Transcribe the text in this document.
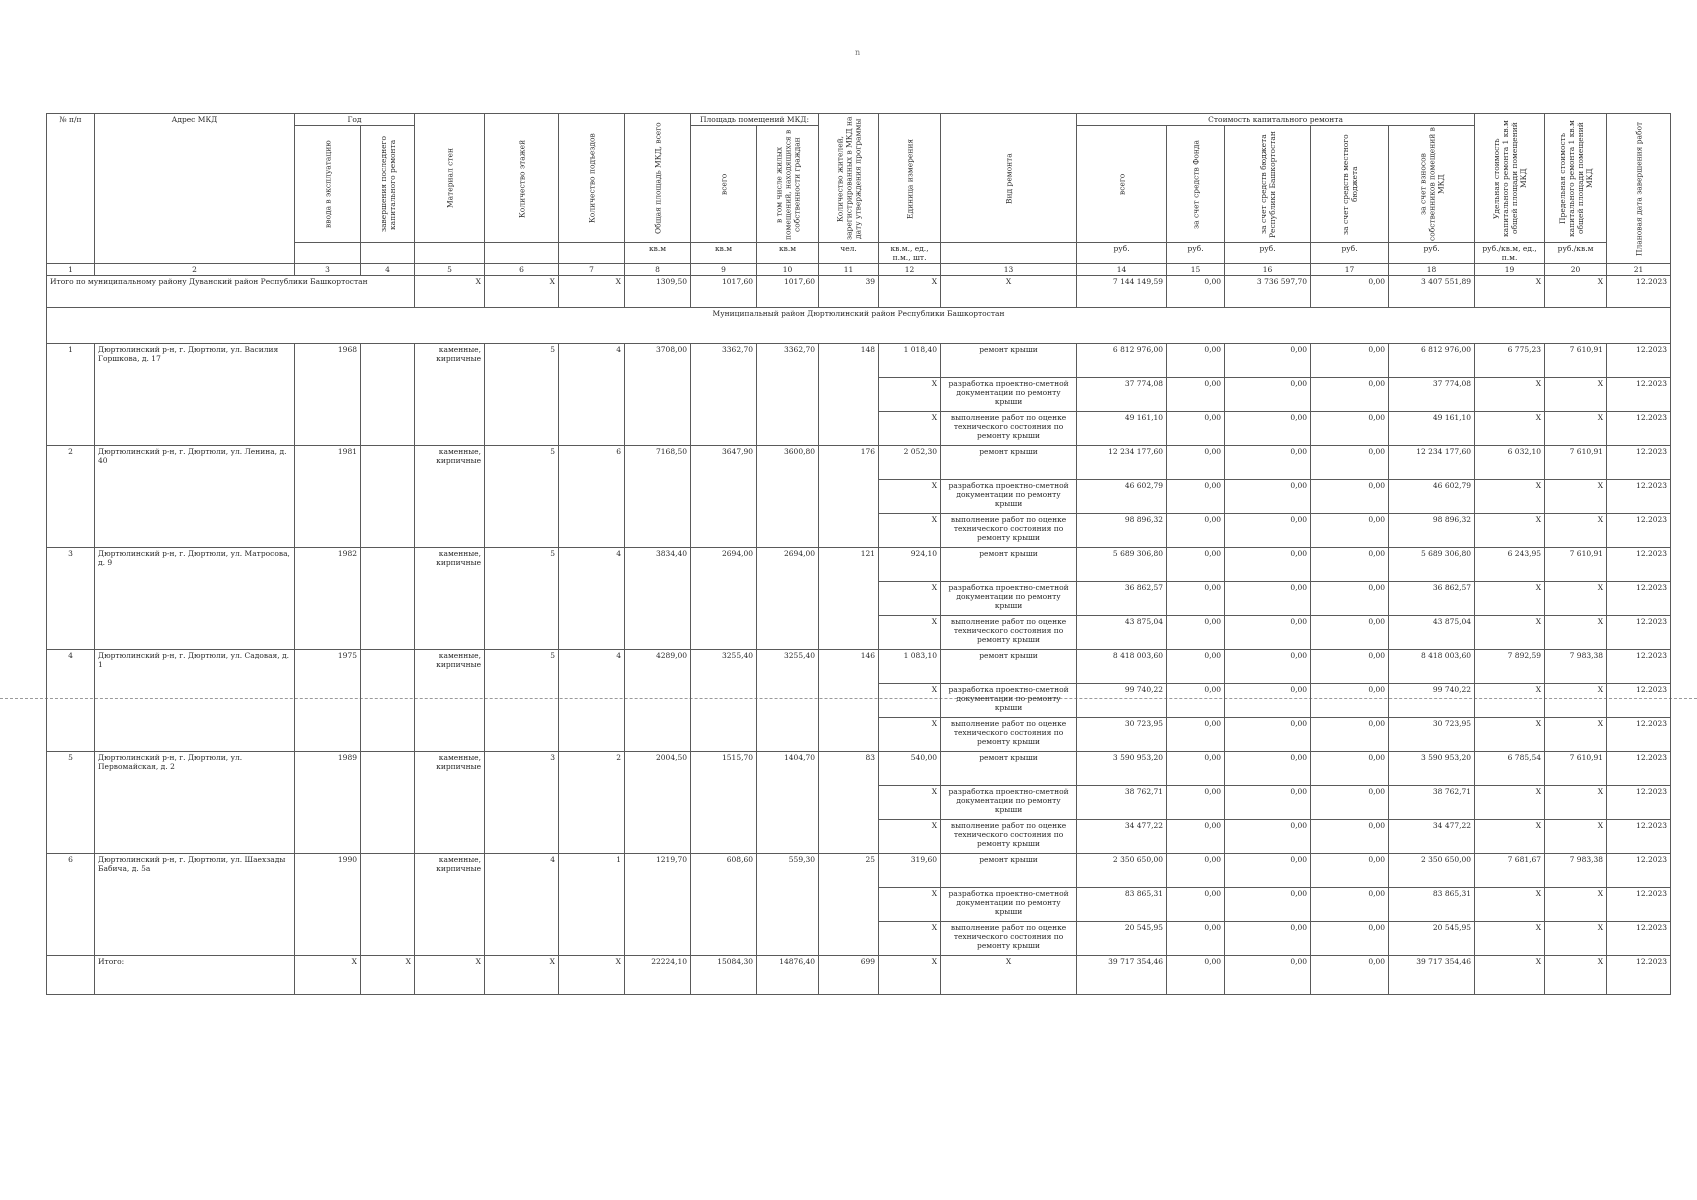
n
№ п/п	Адрес МКД	Год		Материал стен	Количество этажей	Количество подъездов	Общая площадь МКД, всего	Площадь помещений МКД:		Количество жителей, зарегистрированных в МКД на дату утверждения программы	Единица измерения	Вид ремонта	Стоимость капитального ремонта					Удельная стоимость капитального ремонта 1 кв.м общей площади помещений МКД	Предельная стоимость капитального ремонта 1 кв.м общей площади помещений МКД	Плановая дата завершения работ
		ввода в эксплуатацию	завершения последнего капитального ремонта					всего	в том числе жилых помещений, находящихся в собственности граждан				всего	за счет средств Фонда	за счет средств бюджета Республики Башкортостан	за счет средств местного бюджета	за счет взносов собственников помещений в МКД			
							кв.м	кв.м	кв.м	чел.	кв.м., ед., п.м., шт.		руб.	руб.	руб.	руб.	руб.	руб./кв.м, ед., п.м.	руб./кв.м	
1	2	3	4	5	6	7	8	9	10	11	12	13	14	15	16	17	18	19	20	21
Итого по муниципальному району Дуванский район Республики Башкортостан				X	X	X	1309,50	1017,60	1017,60	39	X	X	7 144 149,59	0,00	3 736 597,70	0,00	3 407 551,89	X	X	12.2023
Муниципальный район Дюртюлинский район Республики Башкортостан																				
1	Дюртюлинский р-н, г. Дюртюли, ул. Василия Горшкова, д. 17	1968		каменные, кирпичные	5	4	3708,00	3362,70	3362,70	148	1 018,40	ремонт крыши	6 812 976,00	0,00	0,00	0,00	6 812 976,00	6 775,23	7 610,91	12.2023
											X	разработка проектно-сметной документации по ремонту крыши	37 774,08	0,00	0,00	0,00	37 774,08	X	X	12.2023
											X	выполнение работ по оценке технического состояния по ремонту крыши	49 161,10	0,00	0,00	0,00	49 161,10	X	X	12.2023
2	Дюртюлинский р-н, г. Дюртюли, ул. Ленина, д. 40	1981		каменные, кирпичные	5	6	7168,50	3647,90	3600,80	176	2 052,30	ремонт крыши	12 234 177,60	0,00	0,00	0,00	12 234 177,60	6 032,10	7 610,91	12.2023
											X	разработка проектно-сметной документации по ремонту крыши	46 602,79	0,00	0,00	0,00	46 602,79	X	X	12.2023
											X	выполнение работ по оценке технического состояния по ремонту крыши	98 896,32	0,00	0,00	0,00	98 896,32	X	X	12.2023
3	Дюртюлинский р-н, г. Дюртюли, ул. Матросова, д. 9	1982		каменные, кирпичные	5	4	3834,40	2694,00	2694,00	121	924,10	ремонт крыши	5 689 306,80	0,00	0,00	0,00	5 689 306,80	6 243,95	7 610,91	12.2023
											X	разработка проектно-сметной документации по ремонту крыши	36 862,57	0,00	0,00	0,00	36 862,57	X	X	12.2023
											X	выполнение работ по оценке технического состояния по ремонту крыши	43 875,04	0,00	0,00	0,00	43 875,04	X	X	12.2023
4	Дюртюлинский р-н, г. Дюртюли, ул. Садовая, д. 1	1975		каменные, кирпичные	5	4	4289,00	3255,40	3255,40	146	1 083,10	ремонт крыши	8 418 003,60	0,00	0,00	0,00	8 418 003,60	7 892,59	7 983,38	12.2023
											X	разработка проектно-сметной документации по ремонту крыши	99 740,22	0,00	0,00	0,00	99 740,22	X	X	12.2023
											X	выполнение работ по оценке технического состояния по ремонту крыши	30 723,95	0,00	0,00	0,00	30 723,95	X	X	12.2023
5	Дюртюлинский р-н, г. Дюртюли, ул. Первомайская, д. 2	1989		каменные, кирпичные	3	2	2004,50	1515,70	1404,70	83	540,00	ремонт крыши	3 590 953,20	0,00	0,00	0,00	3 590 953,20	6 785,54	7 610,91	12.2023
											X	разработка проектно-сметной документации по ремонту крыши	38 762,71	0,00	0,00	0,00	38 762,71	X	X	12.2023
											X	выполнение работ по оценке технического состояния по ремонту крыши	34 477,22	0,00	0,00	0,00	34 477,22	X	X	12.2023
6	Дюртюлинский р-н, г. Дюртюли, ул. Шаехзады Бабича, д. 5а	1990		каменные, кирпичные	4	1	1219,70	608,60	559,30	25	319,60	ремонт крыши	2 350 650,00	0,00	0,00	0,00	2 350 650,00	7 681,67	7 983,38	12.2023
											X	разработка проектно-сметной документации по ремонту крыши	83 865,31	0,00	0,00	0,00	83 865,31	X	X	12.2023
											X	выполнение работ по оценке технического состояния по ремонту крыши	20 545,95	0,00	0,00	0,00	20 545,95	X	X	12.2023
	Итого:	X	X	X	X	X	22224,10	15084,30	14876,40	699	X	X	39 717 354,46	0,00	0,00	0,00	39 717 354,46	X	X	12.2023
